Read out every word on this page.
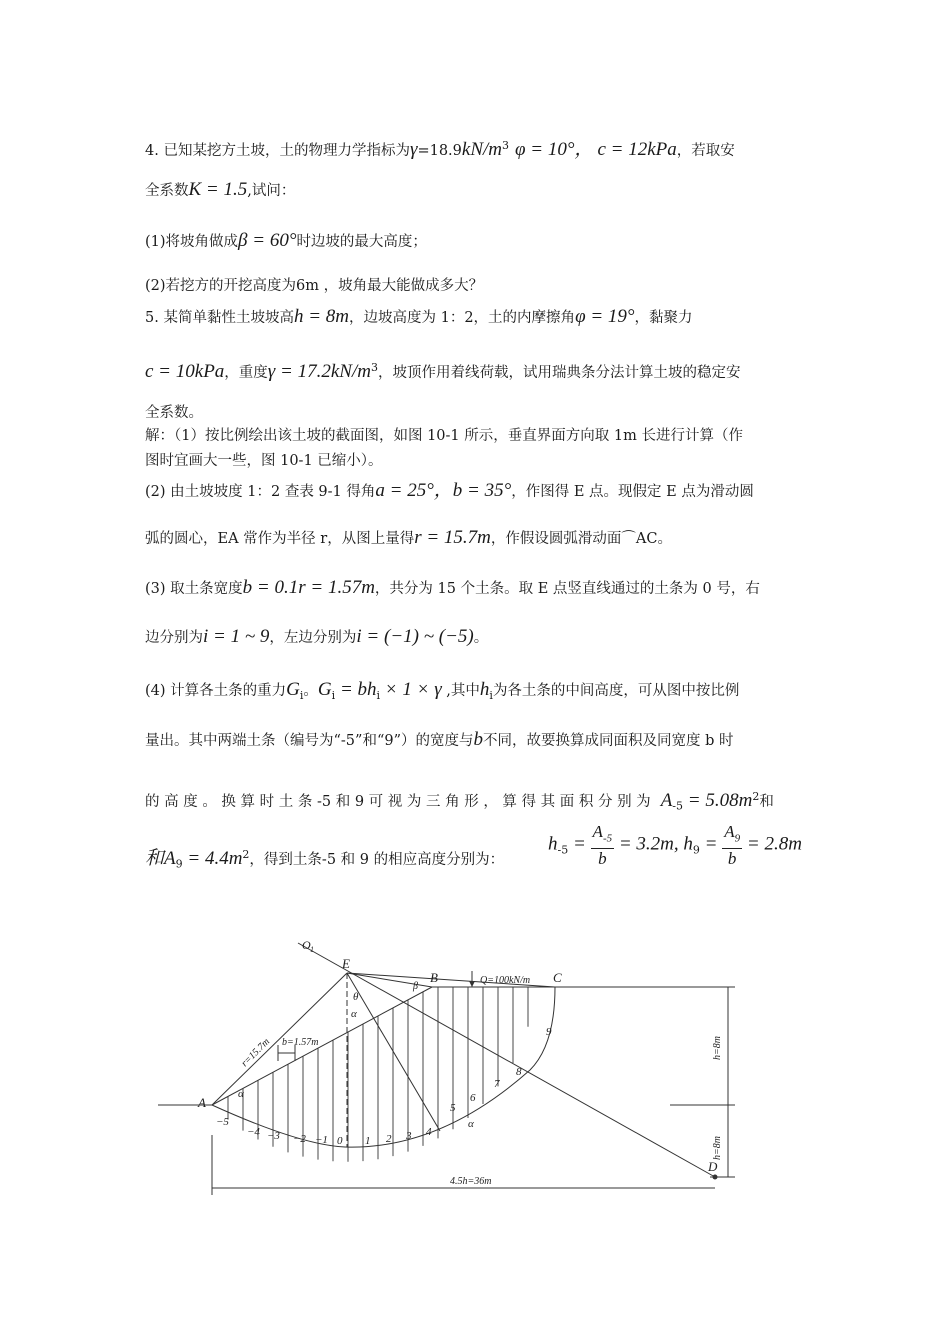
4. 已知某挖方土坡，土的物理力学指标为$\gamma=18.9kN/m^3$ φ = 10°， c = 12kPa，若取安
全系数K = 1.5,试问：
(1)将坡角做成β = 60°时边坡的最大高度；
(2)若挖方的开挖高度为6m ，坡角最大能做成多大？
5. 某简单黏性土坡坡高h = 8m，边坡高度为 1：2，土的内摩擦角φ = 19°，黏聚力
c = 10kPa，重度$\gamma = 17.2kN/m^3$，坡顶作用着线荷载，试用瑞典条分法计算土坡的稳定安
全系数。
解：（1）按比例绘出该土坡的截面图，如图 10-1 所示，垂直界面方向取 1m 长进行计算（作
图时宜画大一些，图 10-1 已缩小）。
(2) 由土坡坡度 1：2 查表 9-1 得角a = 25°，b = 35°，作图得 E 点。现假定 E 点为滑动圆
弧的圆心，EA 常作为半径 r，从图上量得r = 15.7m，作假设圆弧滑动面⌒AC。
(3) 取土条宽度b = 0.1r = 1.57m，共分为 15 个土条。取 E 点竖直线通过的土条为 0 号，右
边分别为i = 1 ~ 9，左边分别为i = (−1) ~ (−5)。
(4) 计算各土条的重力$G_i$。$G_i = bh_i \times 1 \times \gamma$ ,其中$h_i$为各土条的中间高度，可从图中按比例
量出。其中两端土条（编号为“-5”和“9”）的宽度与b不同，故要换算成同面积及同宽度 b 时
的 高 度 。 换 算 时 土 条 -5 和 9 可 视 为 三 角 形 ， 算 得 其 面 积 分 别 为 $A_{-5} = 5.08m^2$和
和$A_9 = 4.4m^2$，得到土条-5 和 9 的相应高度分别为：
$h_{-5} = \frac{A_{-5}}{b} = 3.2m$, $h_9 = \frac{A_9}{b} = 2.8m$
O 1
E
B	C
A
D
Q=100kN/m
r=15.7m b=1.57m
θ
α
α
α
β
h=8m
h=8m
4.5h=36m
−5
−4 −3 −2 −1 0 1 2 3 4
5
6
7
8
9
